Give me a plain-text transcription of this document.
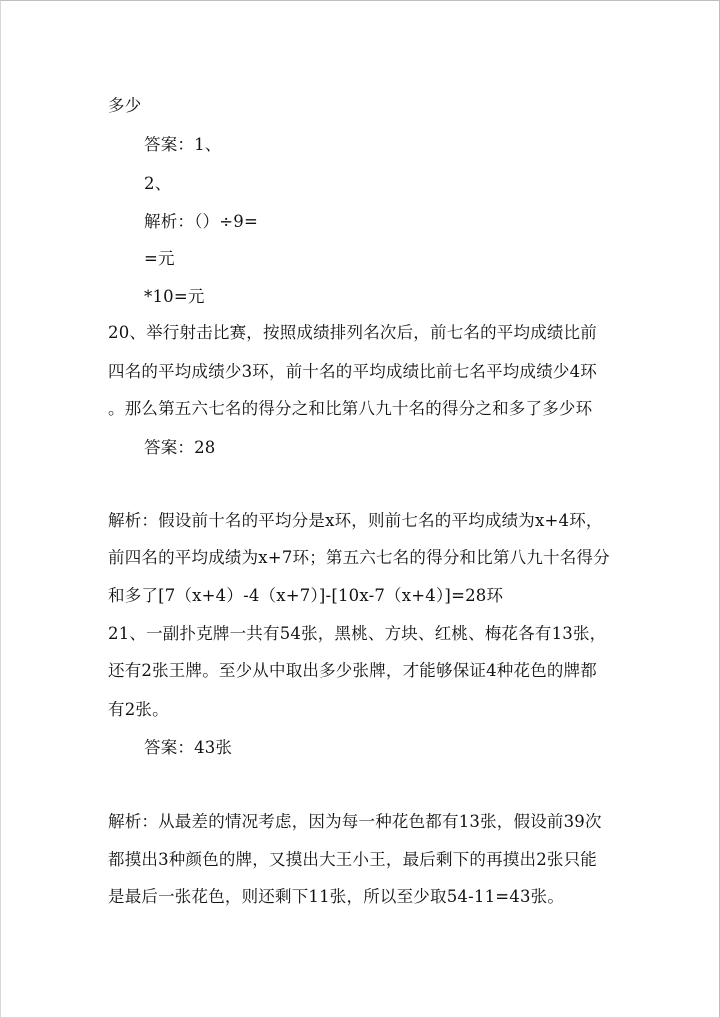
多少
答案：1、
2、
解析：（）÷9=
=元
*10=元
20、举行射击比赛，按照成绩排列名次后，前七名的平均成绩比前
四名的平均成绩少3环，前十名的平均成绩比前七名平均成绩少4环
。那么第五六七名的得分之和比第八九十名的得分之和多了多少环
答案：28
解析：假设前十名的平均分是x环，则前七名的平均成绩为x+4环，
前四名的平均成绩为x+7环；第五六七名的得分和比第八九十名得分
和多了[7（x+4）-4（x+7）]-[10x-7（x+4）]=28环
21、一副扑克牌一共有54张，黑桃、方块、红桃、梅花各有13张，
还有2张王牌。至少从中取出多少张牌，才能够保证4种花色的牌都
有2张。
答案：43张
解析：从最差的情况考虑，因为每一种花色都有13张，假设前39次
都摸出3种颜色的牌，又摸出大王小王，最后剩下的再摸出2张只能
是最后一张花色，则还剩下11张，所以至少取54-11=43张。
